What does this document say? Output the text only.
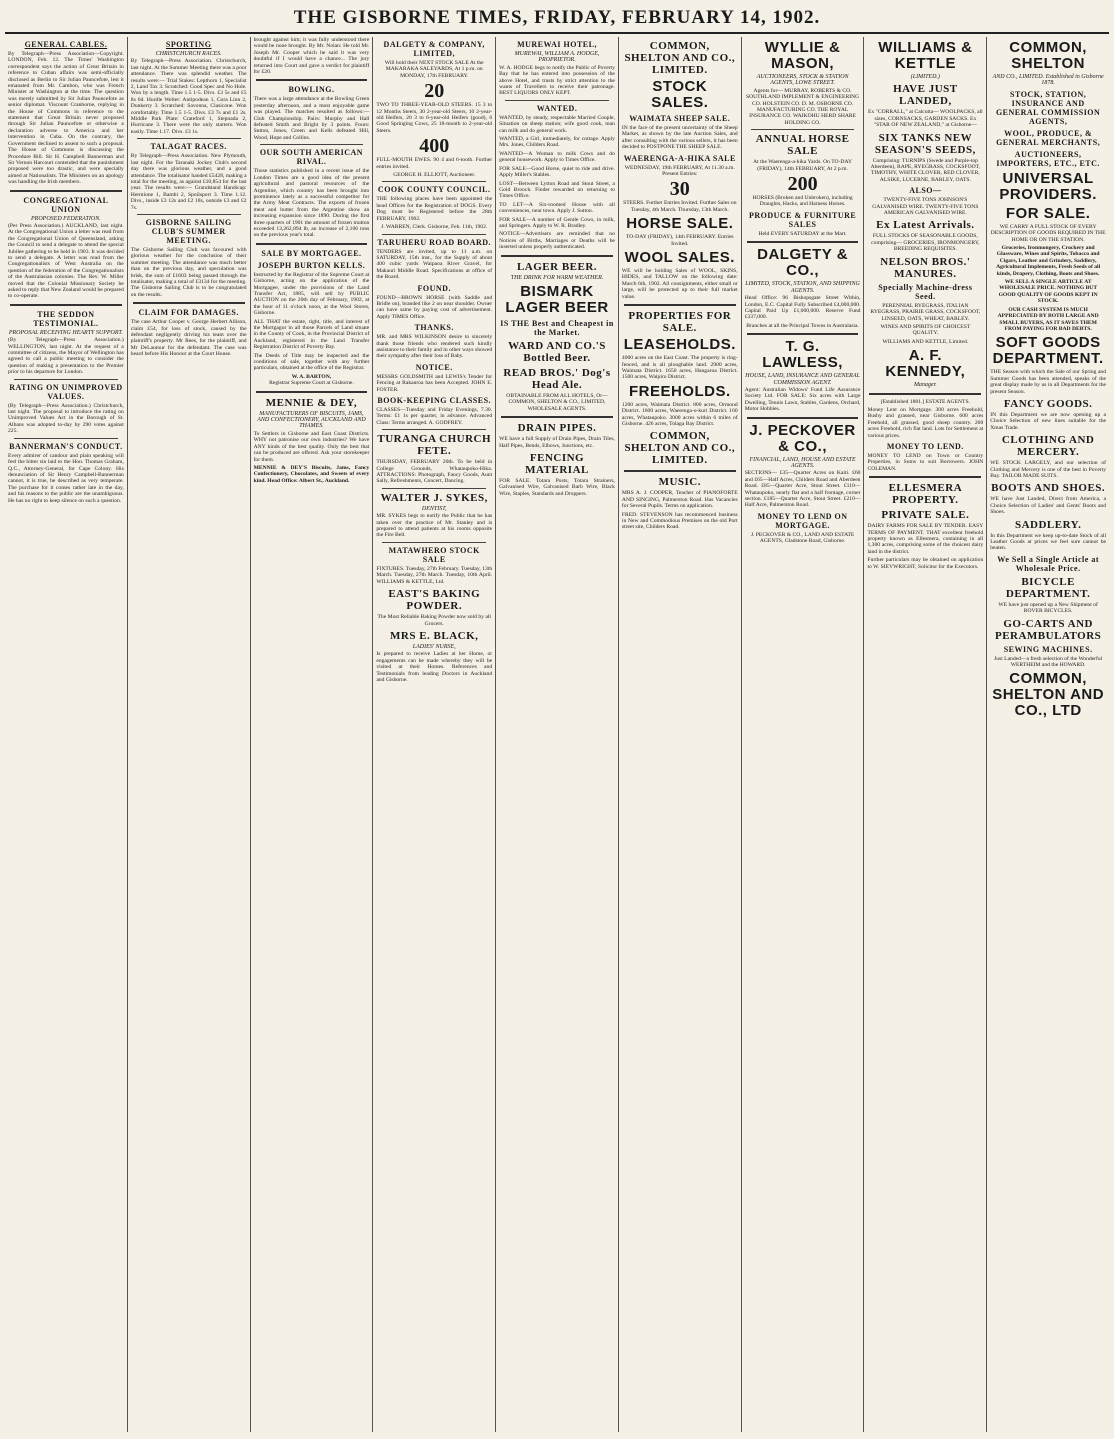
THE GISBORNE TIMES, FRIDAY, FEBRUARY 14, 1902.
GENERAL CABLES.
By Telegraph—Press Association—Copyright. LONDON, Feb. 12. The Times' Washington correspondent says the action of Great Britain in reference to Cuban affairs was semi-officially disclosed as Berlin to Sir Julian Pauncefote, lest it emanated from Mr. Cambon, who was French Minister at Washington at the time. The question was merely submitted by Sir Julian Pauncefote as senior diplomat. Viscount Cranborne, replying in the House of Commons in reference to the statement that Great Britain never proposed through Sir Julian Pauncefote or otherwise a declaration adverse to America and her intervention in Cuba. On the contrary, the Government declined to assent to such a proposal. The House of Commons is discussing the Procedure Bill. Sir H. Campbell Bannerman and Sir Vernon Harcourt contended that the punishment proposed were too drastic, and were specially aimed at Nationalists. The Ministers on an apology was handling the Irish members.
CONGREGATIONAL UNION
PROPOSED FEDERATION.
(Per Press Association.) AUCKLAND, last night. At the Congregational Union a letter was read from the Congregational Union of Queensland, asking the Council to send a delegate to attend the special Jubilee gathering to be held in 1903. It was decided to send a delegate. A letter was read from the Congregationalists of West Australia on the question of the federation of the Congregationalists of the Australasian colonies. The Rev. W. Miller moved that the Colonial Missionary Society be asked to reply that New Zealand would be prepared to co-operate.
THE SEDDON TESTIMONIAL.
PROPOSAL RECEIVING HEARTY SUPPORT.
(By Telegraph—Press Association.) WELLINGTON, last night. At the request of a committee of citizens, the Mayor of Wellington has agreed to call a public meeting to consider the question of making a presentation to the Premier prior to his departure for London.
RATING ON UNIMPROVED VALUES.
(By Telegraph—Press Association.) Christchurch, last night. The proposal to introduce the rating on Unimproved Values Act in the Borough of St. Albans was adopted to-day by 290 votes against 225.
BANNERMAN'S CONDUCT.
Every admirer of candour and plain speaking will feel the bitter sin laid to the Hon. Thomas Graham, Q.C., Attorney-General, for Cape Colony. His denunciation of Sir Henry Campbell-Bannerman cannot, it is true, be described as very temperate. The purchase for it comes rather late in the day, and his reasons to the public are the unambiguous. He has no right to keep silence on such a question.
SPORTING
CHRISTCHURCH RACES.
By Telegraph—Press Association. Christchurch, last night. At the Summer Meeting there was a poor attendance. There was splendid weather. The results were:— Trial Stakes: Lepthorn 1, Specialist 2, Land Tax 3. Scratched: Good Spec and No Hole. Won by a length. Time 1.5 1-5. Divs. £3 5s and £5 8s 6d. Hurdle Welter: Antipodean 1, Cora Linn 2, Dunkerry 3. Scratched: Savonna, Clasicone. Won comfortably. Time 1.5 1-5. Divs. £3 7s and £1 2s. Middle Park Plate: Crateford 1, Stepnada 2, Hurricane 3. There were the only starters. Won easily. Time 1.17. Divs. £3 1s.
TALAGAT RACES.
By Telegraph—Press Association. New Plymouth, last night. For the Taranaki Jockey Club's second day there was glorious weather, and a good attendance. The totalisator handed £5428, making a total for the meeting, as against £10,854 for the last year. The results were:— Grandstand Handicap: Hermione 1, Bambi 2, Spoilsport 3. Time 1.12. Divs., inside £3 12s and £2 18s, outside £3 and £2 7s.
GISBORNE SAILING CLUB'S SUMMER MEETING.
The Gisborne Sailing Club was favoured with glorious weather for the conclusion of their summer meeting. The attendance was much better than on the previous day, and speculation was brisk, the sum of £1603 being passed through the totalisator, making a total of £3134 for the meeting. The Gisborne Sailing Club is to be congratulated on the results.
CLAIM FOR DAMAGES.
The case Arthur Cooper v. George Herbert Allison, claim £54, for loss of stock, caused by the defendant negligently driving his team over the plaintiff's property. Mr Rees, for the plaintiff, and Mr DeLautour for the defendant. The case was heard before His Honour at the Court House.
brought against him; it was fully understood there would be none brought. By Mr. Nolan: He told Mr. Joseph Mr. Cooper which he said it was very doubtful if I would have a chance... The jury returned into Court and gave a verdict for plaintiff for £20.
BOWLING.
There was a large attendance at the Bowling Green yesterday afternoon, and a most enjoyable game was played. The matches resulted as follows:— Club Championship. Pairs: Murphy and Hall defeated Smith and Bright by 3 points. Fours: Sutton, Jones, Green and Kells defeated Hill, Wood, Hope and Collins.
OUR SOUTH AMERICAN RIVAL.
Those statistics published in a recent issue of the London Times are a good idea of the present agricultural and pastoral resources of the Argentine, which country has been brought into prominence lately as a successful competitor for the Army Meat Contracts. The exports of frozen meat and butter from the Argentine show an increasing expansion since 1890. During the first three quarters of 1901 the amount of frozen mutton exceeded 13,262,894 lb, an increase of 2,106 tons on the previous year's total.
SALE BY MORTGAGEE.
JOSEPH BURTON KELLS.
Instructed by the Registrar of the Supreme Court at Gisborne, acting on the application of the Mortgagee, under the provisions of the Land Transfer Act, 1885, will sell by PUBLIC AUCTION on the 20th day of February, 1902, at the hour of 11 o'clock noon, at the Wool Stores, Gisborne.
ALL THAT the estate, right, title, and interest of the Mortgagor in all those Parcels of Land situate in the County of Cook, in the Provincial District of Auckland, registered in the Land Transfer Registration District of Poverty Bay.
The Deeds of Title may be inspected and the conditions of sale, together with any further particulars, obtained at the office of the Registrar.
W. A. BARTON,
Registrar Supreme Court at Gisborne.
MENNIE & DEY,
MANUFACTURERS OF BISCUITS, JAMS, AND CONFECTIONERY, AUCKLAND AND THAMES.
To Settlers in Gisborne and East Coast Districts. WHY not patronise our own industries? We have ANY kinds of the best quality. Only the best that can be produced are offered. Ask your storekeeper for them.
MENNIE & DEY'S Biscuits, Jams, Fancy Confectionery, Chocolates, and Sweets of every kind. Head Office: Albert St., Auckland.
DALGETY & COMPANY, LIMITED,
Will hold their NEXT STOCK SALE At the MAKARAKA SALEYARDS, At 1 p.m. on MONDAY, 17th FEBRUARY.
20
TWO TO THREE-YEAR-OLD STEERS. 15 3 to 12 Months Steers, 30 2-year-old Steers, 10 2-year-old Heifers, 20 3 to 6-year-old Heifers (good), 6 Good Springing Cows, 25 18-month to 2-year-old Steers.
400
FULL-MOUTH EWES. 90 4 and 6-tooth. Further entries invited.
GEORGE H. ELLIOTT, Auctioneer.
COOK COUNTY COUNCIL.
THE following places have been appointed the head Offices for the Registration of DOGS. Every Dog must be Registered before the 28th FEBRUARY, 1902.
J. WARREN, Clerk. Gisborne, Feb. 11th, 1902.
TARUHERU ROAD BOARD.
TENDERS are invited, up to 11 a.m. on SATURDAY, 15th inst., for the Supply of about 400 cubic yards Waipaoa River Gravel, for Makauri Middle Road. Specifications at office of the Board.
FOUND.
FOUND—BROWN HORSE (with Saddle and Bridle on), branded like 2 on near shoulder. Owner can have same by paying cost of advertisement. Apply TIMES Office.
THANKS.
MR. and MRS WILKINSON desire to sincerely thank those friends who rendered such kindly assistance to their family and in other ways showed their sympathy after their loss of Baby.
NOTICE.
MESSRS GOLDSMITH and LEWIS's Tender for Fencing at Rakauroa has been Accepted. JOHN E. FOSTER.
BOOK-KEEPING CLASSES.
CLASSES—Tuesday and Friday Evenings, 7.30. Terms: £1 1s per quarter, in advance. Advanced Class: Terms arranged. A. GODFREY.
TURANGA CHURCH FETE.
THURSDAY, FEBRUARY 20th. To be held in College Grounds, Whataupoko-Hika. ATTRACTIONS: Photograph, Fancy Goods, Aunt Sally, Refreshments, Concert, Dancing.
WALTER J. SYKES,
DENTIST,
MR. SYKES begs to notify the Public that he has taken over the practice of Mr. Stanley and is prepared to attend patients at his rooms opposite the Fire Bell.
MATAWHERO STOCK SALE
FIXTURES. Tuesday, 27th February. Tuesday, 13th March. Tuesday, 27th March. Tuesday, 10th April. WILLIAMS & KETTLE, Ltd.
EAST'S BAKING POWDER.
The Most Reliable Baking Powder now sold by all Grocers.
MRS E. BLACK,
LADIES' NURSE,
Is prepared to receive Ladies at her Home, or engagements can be made whereby they will be visited at their Homes. References and Testimonials from leading Doctors in Auckland and Gisborne.
MUREWAI HOTEL,
MUREWAI, WILLIAM A. HODGE, PROPRIETOR.
W. A. HODGE begs to notify the Public of Poverty Bay that he has entered into possession of the above Hotel, and trusts by strict attention to the wants of Travellers to receive their patronage. BEST LIQUORS ONLY KEPT.
WANTED.
WANTED, by steady, respectable Married Couple, Situation on sheep station; wife good cook, man can milk and do general work.
WANTED, a Girl, immediately, for cottage. Apply Mrs. Jones, Childers Road.
WANTED—A Woman to milk Cows and do general housework. Apply to Times Office.
FOR SALE—Good Horse, quiet to ride and drive. Apply Miller's Stables.
LOST—Between Lytton Road and Stout Street, a Gold Brooch. Finder rewarded on returning to Times Office.
TO LET—A Six-roomed House with all conveniences, near town. Apply J. Sutton.
FOR SALE—A number of Gentle Cows, in milk, and Springers. Apply to W. R. Bradley.
NOTICE—Advertisers are reminded that no Notices of Births, Marriages or Deaths will be inserted unless properly authenticated.
LAGER BEER.
THE DRINK FOR WARM WEATHER.
BISMARK LAGER BEER
IS THE Best and Cheapest in the Market.
WARD AND CO.'S Bottled Beer.
READ BROS.' Dog's Head Ale.
OBTAINABLE FROM ALL HOTELS, Or— COMMON, SHELTON & CO., LIMITED, WHOLESALE AGENTS.
DRAIN PIPES.
WE have a full Supply of Drain Pipes, Drain Tiles, Half Pipes, Bends, Elbows, Junctions, etc.
FENCING MATERIAL
FOR SALE. Totara Posts, Totara Strainers, Galvanised Wire, Galvanised Barb Wire, Black Wire, Staples, Standards and Droppers.
COMMON, SHELTON AND CO., LIMITED.
STOCK SALES.
WAIMATA SHEEP SALE.
IN the face of the present uncertainty of the Sheep Market, as shown by the late Auction Sales, and after consulting with the various sellers, it has been decided to POSTPONE THE SHEEP SALE.
WAERENGA-A-HIKA SALE
WEDNESDAY, 19th FEBRUARY, At 11.30 a.m. Present Entries:
30
STEERS. Further Entries Invited. Further Sales on Tuesday, 4th March. Thursday, 13th March.
HORSE SALE.
TO-DAY (FRIDAY), 14th FEBRUARY. Entries Invited.
WOOL SALES.
WE will be holding Sales of WOOL, SKINS, HIDES, and TALLOW on the following date: March 6th, 1902. All consignments, either small or large, will be protected up to their full market value.
PROPERTIES FOR SALE.
LEASEHOLDS.
4000 acres on the East Coast. The property is ring-fenced, and is all ploughable land. 2900 acres, Waimata District. 1650 acres, Hangaroa District. 1500 acres, Waipiro District.
FREEHOLDS.
1200 acres, Waimata District. 800 acres, Ormond District. 1600 acres, Waerenga-o-kuri District. 160 acres, Whataupoko. 3000 acres within 6 miles of Gisborne. 426 acres, Tolaga Bay District.
COMMON, SHELTON AND CO., LIMITED.
MUSIC.
MRS A. J. COOPER, Teacher of PIANOFORTE AND SINGING, Palmerston Road. Has Vacancies for Several Pupils. Terms on application.
FRED. STEVENSON has recommenced business in New and Commodious Premises on the old Port street site, Childers Road.
WYLLIE & MASON,
AUCTIONEERS, STOCK & STATION AGENTS, LOWE STREET.
Agents for— MURRAY, ROBERTS & CO. SOUTHLAND IMPLEMENT & ENGINEERING CO. HOLSTEIN CO. D. M. OSBORNE CO. MANUFACTURING CO. THE ROYAL INSURANCE CO. WAIKOHU HERD SHARE HOLDING CO.
ANNUAL HORSE SALE
At the Waerenga-a-hika Yards. On TO-DAY (FRIDAY), 14th FEBRUARY, At 2 p.m.
200
HORSES (Broken and Unbroken), including Draughts, Hacks, and Harness Horses.
PRODUCE & FURNITURE SALES
Held EVERY SATURDAY at the Mart.
DALGETY & CO.,
LIMITED, STOCK, STATION, AND SHIPPING AGENTS.
Head Office: 96 Bishopsgate Street Within, London, E.C. Capital Fully Subscribed £4,000,000. Capital Paid Up £1,000,000. Reserve Fund £337,000.
Branches at all the Principal Towns in Australasia.
T. G. LAWLESS,
HOUSE, LAND, INSURANCE AND GENERAL COMMISSION AGENT.
Agent: Australian Widows' Fund Life Assurance Society Ltd. FOR SALE: Six acres with Large Dwelling, Tennis Lawn, Stables, Gardens, Orchard, Motor Hobbies.
J. PECKOVER & CO.,
FINANCIAL, LAND, HOUSE AND ESTATE AGENTS.
SECTIONS— £35—Quarter Acres on Kaiti. £60 and £65—Half Acres, Childers Road and Aberdeen Road. £85—Quarter Acre, Stout Street. £110—Whataupoko, nearly flat and a half frontage, corner section. £185—Quarter Acre, Stout Street. £210—Half Acre, Palmerston Road.
MONEY TO LEND ON MORTGAGE.
J. PECKOVER & CO., LAND AND ESTATE AGENTS, Gladstone Road, Gisborne.
WILLIAMS & KETTLE
(LIMITED.)
HAVE JUST LANDED,
Ex "CORRALL," at Calcutta— WOOLPACKS, all sizes, CORNSACKS, GARDEN SACKS. Ex "STAR OF NEW ZEALAND," at Gisborne—
SIX TANKS NEW SEASON'S SEEDS,
Comprising: TURNIPS (Swede and Purple-top Aberdeen), RAPE, RYEGRASS, COCKSFOOT, TIMOTHY, WHITE CLOVER, RED CLOVER, ALSIKE, LUCERNE, BARLEY, OATS.
ALSO—
TWENTY-FIVE TONS JOHNSON'S GALVANISED WIRE. TWENTY-FIVE TONS AMERICAN GALVANISED WIRE.
Ex Latest Arrivals.
FULL STOCKS OF SEASONABLE GOODS, comprising— GROCERIES, IRONMONGERY, BREEDING REQUISITES.
NELSON BROS.' MANURES.
Specially Machine-dress Seed.
PERENNIAL RYEGRASS, ITALIAN RYEGRASS, PRAIRIE GRASS, COCKSFOOT, LINSEED, OATS, WHEAT, BARLEY.
WINES AND SPIRITS OF CHOICEST QUALITY.
WILLIAMS AND KETTLE, Limited.
A. F. KENNEDY,
Manager.
[Established 1881.] ESTATE AGENTS.
Money Lent on Mortgage. 300 acres Freehold, Bushy and grassed, near Gisborne. 600 acres Freehold, all grassed, good sheep country. 200 acres Freehold, rich flat land. Lots for Settlement at various prices.
MONEY TO LEND.
MONEY TO LEND on Town or Country Properties, in Sums to suit Borrowers. JOHN COLEMAN.
ELLESMERA PROPERTY.
PRIVATE SALE.
DAIRY FARMS FOR SALE BY TENDER. EASY TERMS OF PAYMENT. THAT excellent freehold property known as Ellesmera, containing in all 1,300 acres, comprising some of the choicest dairy land in the district.
Further particulars may be obtained on application to W. SIEVWRIGHT, Solicitor for the Executors.
COMMON, SHELTON
AND CO., LIMITED. Established in Gisborne 1878.
STOCK, STATION, INSURANCE AND GENERAL COMMISSION AGENTS,
WOOL, PRODUCE, & GENERAL MERCHANTS,
AUCTIONEERS, IMPORTERS, ETC., ETC.
UNIVERSAL PROVIDERS.
FOR SALE.
WE CARRY A FULL STOCK OF EVERY DESCRIPTION OF GOODS REQUIRED IN THE HOME OR ON THE STATION.
Groceries, Ironmongery, Crockery and Glassware, Wines and Spirits, Tobacco and Cigars, Leather and Grindery, Saddlery, Agricultural Implements, Fresh Seeds of all kinds, Drapery, Clothing, Boots and Shoes.
WE SELL A SINGLE ARTICLE AT WHOLESALE PRICE. NOTHING BUT GOOD QUALITY OF GOODS KEPT IN STOCK.
OUR CASH SYSTEM IS MUCH APPRECIATED BY BOTH LARGE AND SMALL BUYERS, AS IT SAVES THEM FROM PAYING FOR BAD DEBTS.
SOFT GOODS DEPARTMENT.
THE Season with which the Sale of our Spring and Summer Goods has been attended, speaks of the great display made by us in all Departments for the present Season.
FANCY GOODS.
IN this Department we are now opening up a Choice Selection of new lines suitable for the Xmas Trade.
CLOTHING AND MERCERY.
WE STOCK LARGELY, and our selection of Clothing and Mercery is one of the best in Poverty Bay. TAILOR MADE SUITS.
BOOTS AND SHOES.
WE have Just Landed, Direct from America, a Choice Selection of Ladies' and Gents' Boots and Shoes.
SADDLERY.
In this Department we keep up-to-date Stock of all Leather Goods at prices we feel sure cannot be beaten.
We Sell a Single Article at Wholesale Price.
BICYCLE DEPARTMENT.
WE have just opened up a New Shipment of ROVER BICYCLES.
GO-CARTS AND PERAMBULATORS
SEWING MACHINES.
Just Landed—a fresh selection of the Wonderful WERTHEIM and the HOWARD.
COMMON, SHELTON AND CO., LTD
